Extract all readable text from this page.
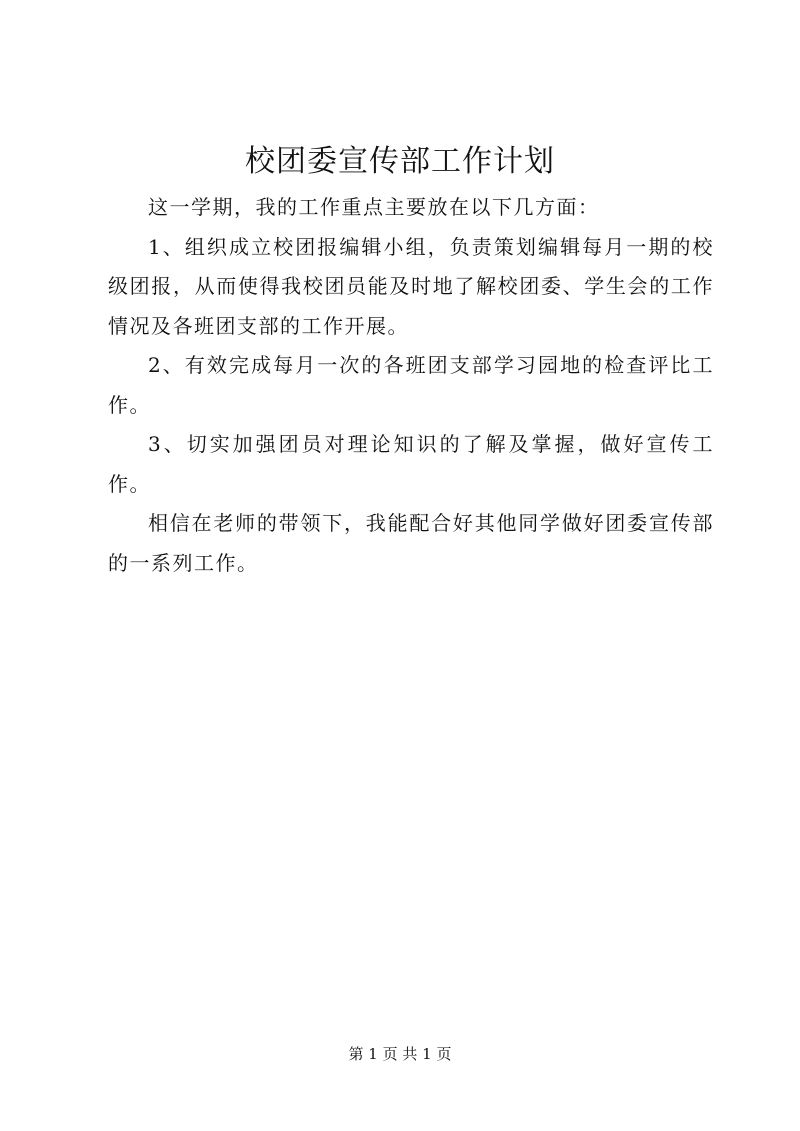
校团委宣传部工作计划

这一学期，我的工作重点主要放在以下几方面：

1、组织成立校团报编辑小组，负责策划编辑每月一期的校级团报，从而使得我校团员能及时地了解校团委、学生会的工作情况及各班团支部的工作开展。

2、有效完成每月一次的各班团支部学习园地的检查评比工作。

3、切实加强团员对理论知识的了解及掌握，做好宣传工作。

相信在老师的带领下，我能配合好其他同学做好团委宣传部的一系列工作。

第 1 页 共 1 页
